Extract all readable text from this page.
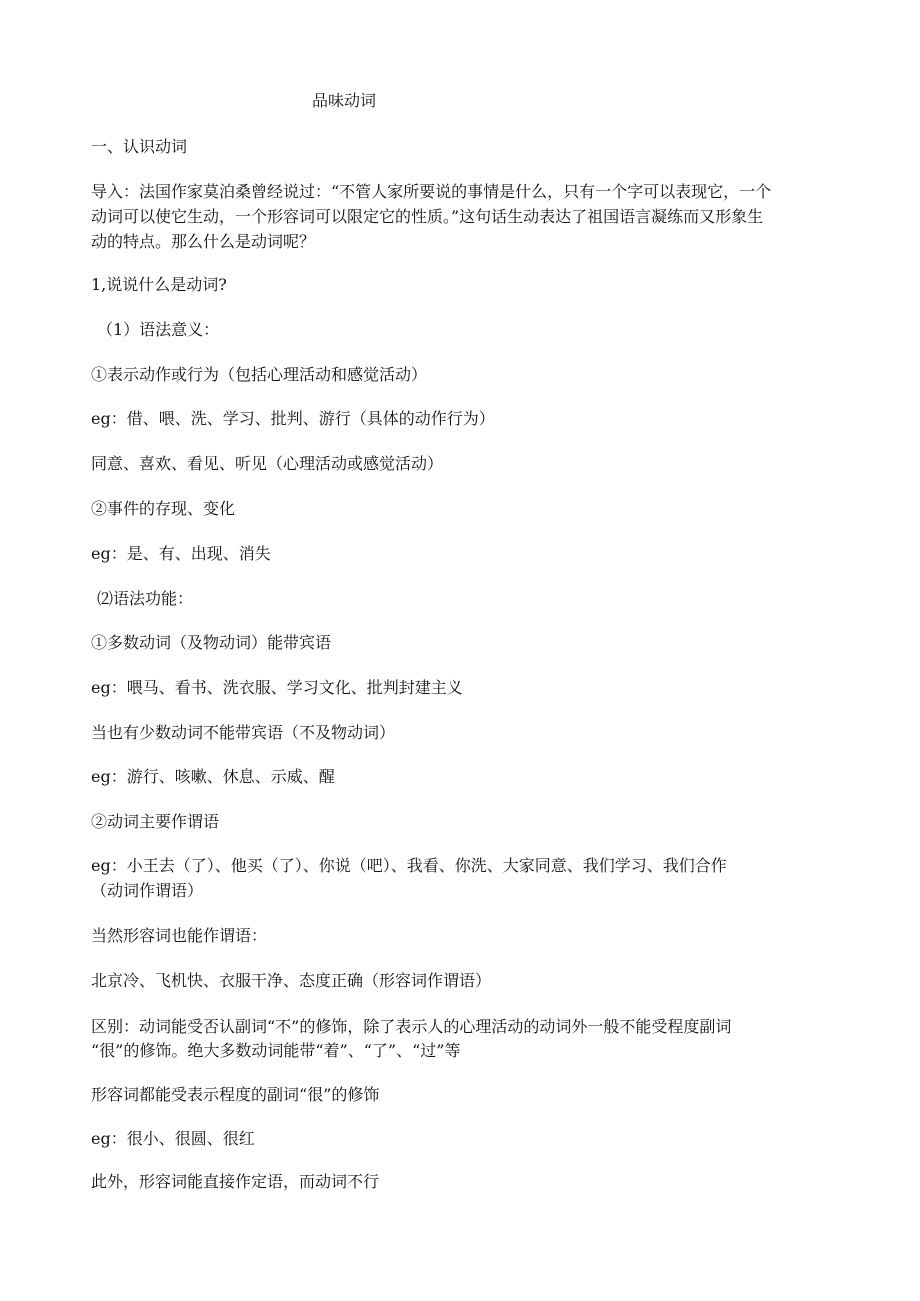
品味动词
一、认识动词
导入：法国作家莫泊桑曾经说过：“不管人家所要说的事情是什么，只有一个字可以表现它，一个
动词可以使它生动，一个形容词可以限定它的性质。”这句话生动表达了祖国语言凝练而又形象生
动的特点。那么什么是动词呢？
1,说说什么是动词?
（1）语法意义：
①表示动作或行为（包括心理活动和感觉活动）
eg：借、喂、洗、学习、批判、游行（具体的动作行为）
同意、喜欢、看见、听见（心理活动或感觉活动）
②事件的存现、变化
eg：是、有、出现、消失
⑵语法功能：
①多数动词（及物动词）能带宾语
eg：喂马、看书、洗衣服、学习文化、批判封建主义
当也有少数动词不能带宾语（不及物动词）
eg：游行、咳嗽、休息、示威、醒
②动词主要作谓语
eg：小王去（了）、他买（了）、你说（吧）、我看、你洗、大家同意、我们学习、我们合作
（动词作谓语）
当然形容词也能作谓语：
北京冷、飞机快、衣服干净、态度正确（形容词作谓语）
区别：动词能受否认副词“不”的修饰，除了表示人的心理活动的动词外一般不能受程度副词
“很”的修饰。绝大多数动词能带“着”、“了”、“过”等
形容词都能受表示程度的副词“很”的修饰
eg：很小、很圆、很红
此外，形容词能直接作定语，而动词不行
